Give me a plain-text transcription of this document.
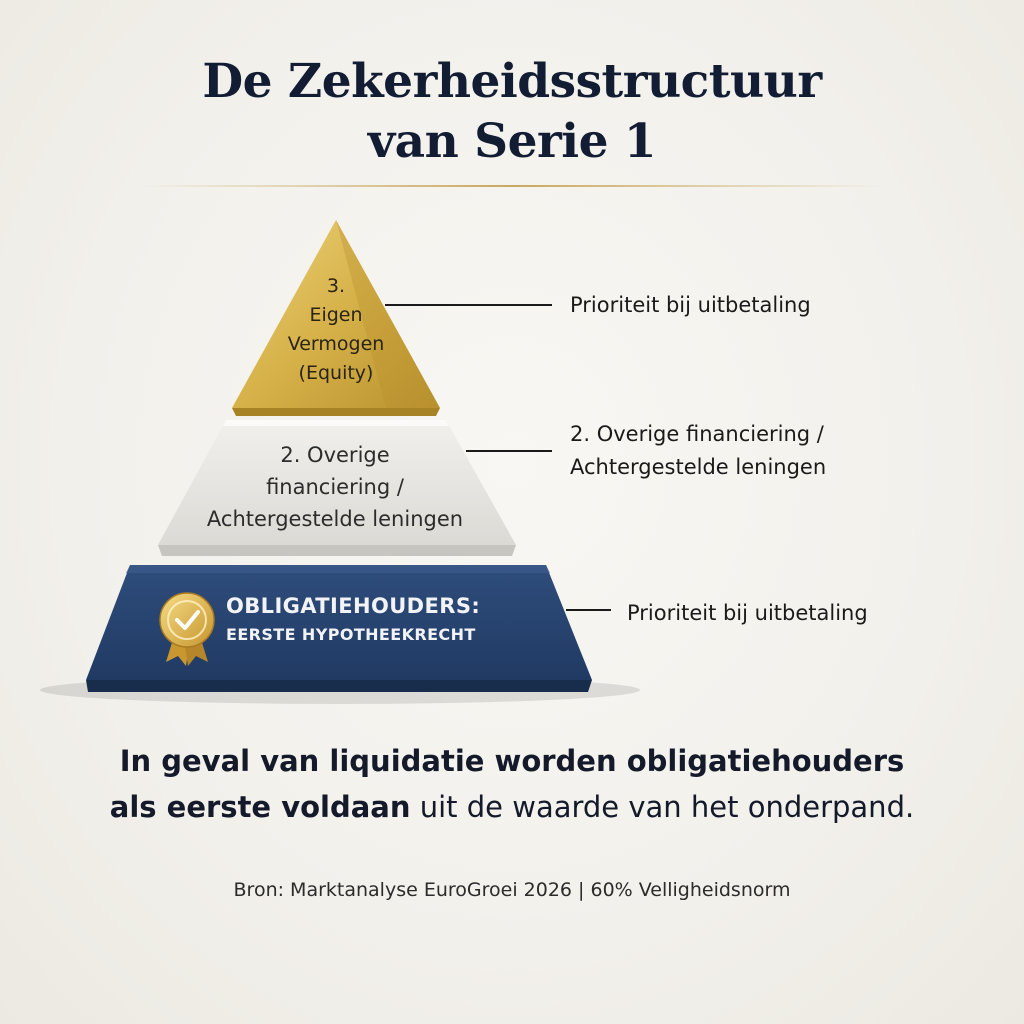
De Zekerheidsstructuur
van Serie 1
3.
Eigen
Vermogen
(Equity)
2. Overige
financiering /
Achtergestelde leningen
OBLIGATIEHOUDERS:
EERSTE HYPOTHEEKRECHT
Prioriteit bij uitbetaling
2. Overige financiering /
Achtergestelde leningen
Prioriteit bij uitbetaling
In geval van liquidatie worden obligatiehouders
als eerste voldaan uit de waarde van het onderpand.
Bron: Marktanalyse EuroGroei 2026 | 60% Velligheidsnorm
